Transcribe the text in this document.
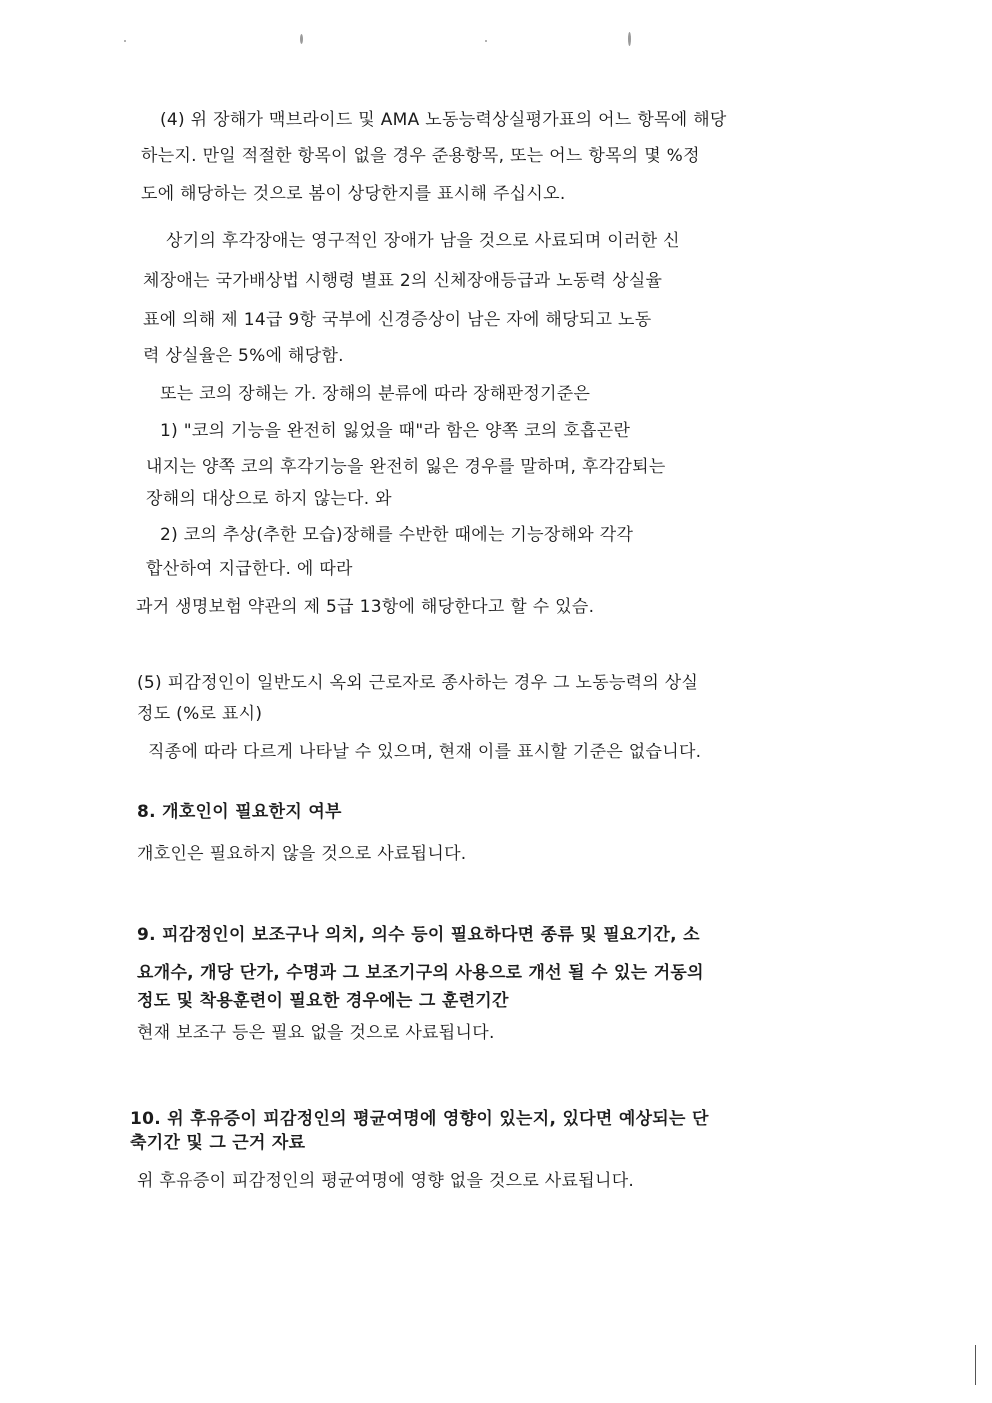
(4) 위 장해가 맥브라이드 및 AMA 노동능력상실평가표의 어느 항목에 해당
하는지. 만일 적절한 항목이 없을 경우 준용항목, 또는 어느 항목의 몇 %정
도에 해당하는 것으로 봄이 상당한지를 표시해 주십시오.
상기의 후각장애는 영구적인 장애가 남을 것으로 사료되며 이러한 신
체장애는 국가배상법 시행령 별표 2의 신체장애등급과 노동력 상실율
표에 의해 제 14급 9항 국부에 신경증상이 남은 자에 해당되고 노동
력 상실율은 5%에 해당함.
또는 코의 장해는 가. 장해의 분류에 따라 장해판정기준은
1) "코의 기능을 완전히 잃었을 때"라 함은 양쪽 코의 호흡곤란
내지는 양쪽 코의 후각기능을 완전히 잃은 경우를 말하며, 후각감퇴는
장해의 대상으로 하지 않는다. 와
2) 코의 추상(추한 모습)장해를 수반한 때에는 기능장해와 각각
합산하여 지급한다. 에 따라
과거 생명보험 약관의 제 5급 13항에 해당한다고 할 수 있슴.
(5) 피감정인이 일반도시 옥외 근로자로 종사하는 경우 그 노동능력의 상실
정도 (%로 표시)
직종에 따라 다르게 나타날 수 있으며, 현재 이를 표시할 기준은 없습니다.
8. 개호인이 필요한지 여부
개호인은 필요하지 않을 것으로 사료됩니다.
9. 피감정인이 보조구나 의치, 의수 등이 필요하다면 종류 및 필요기간, 소
요개수, 개당 단가, 수명과 그 보조기구의 사용으로 개선 될 수 있는 거동의
정도 및 착용훈련이 필요한 경우에는 그 훈련기간
현재 보조구 등은 필요 없을 것으로 사료됩니다.
10. 위 후유증이 피감정인의 평균여명에 영향이 있는지, 있다면 예상되는 단
축기간 및 그 근거 자료
위 후유증이 피감정인의 평균여명에 영향 없을 것으로 사료됩니다.
